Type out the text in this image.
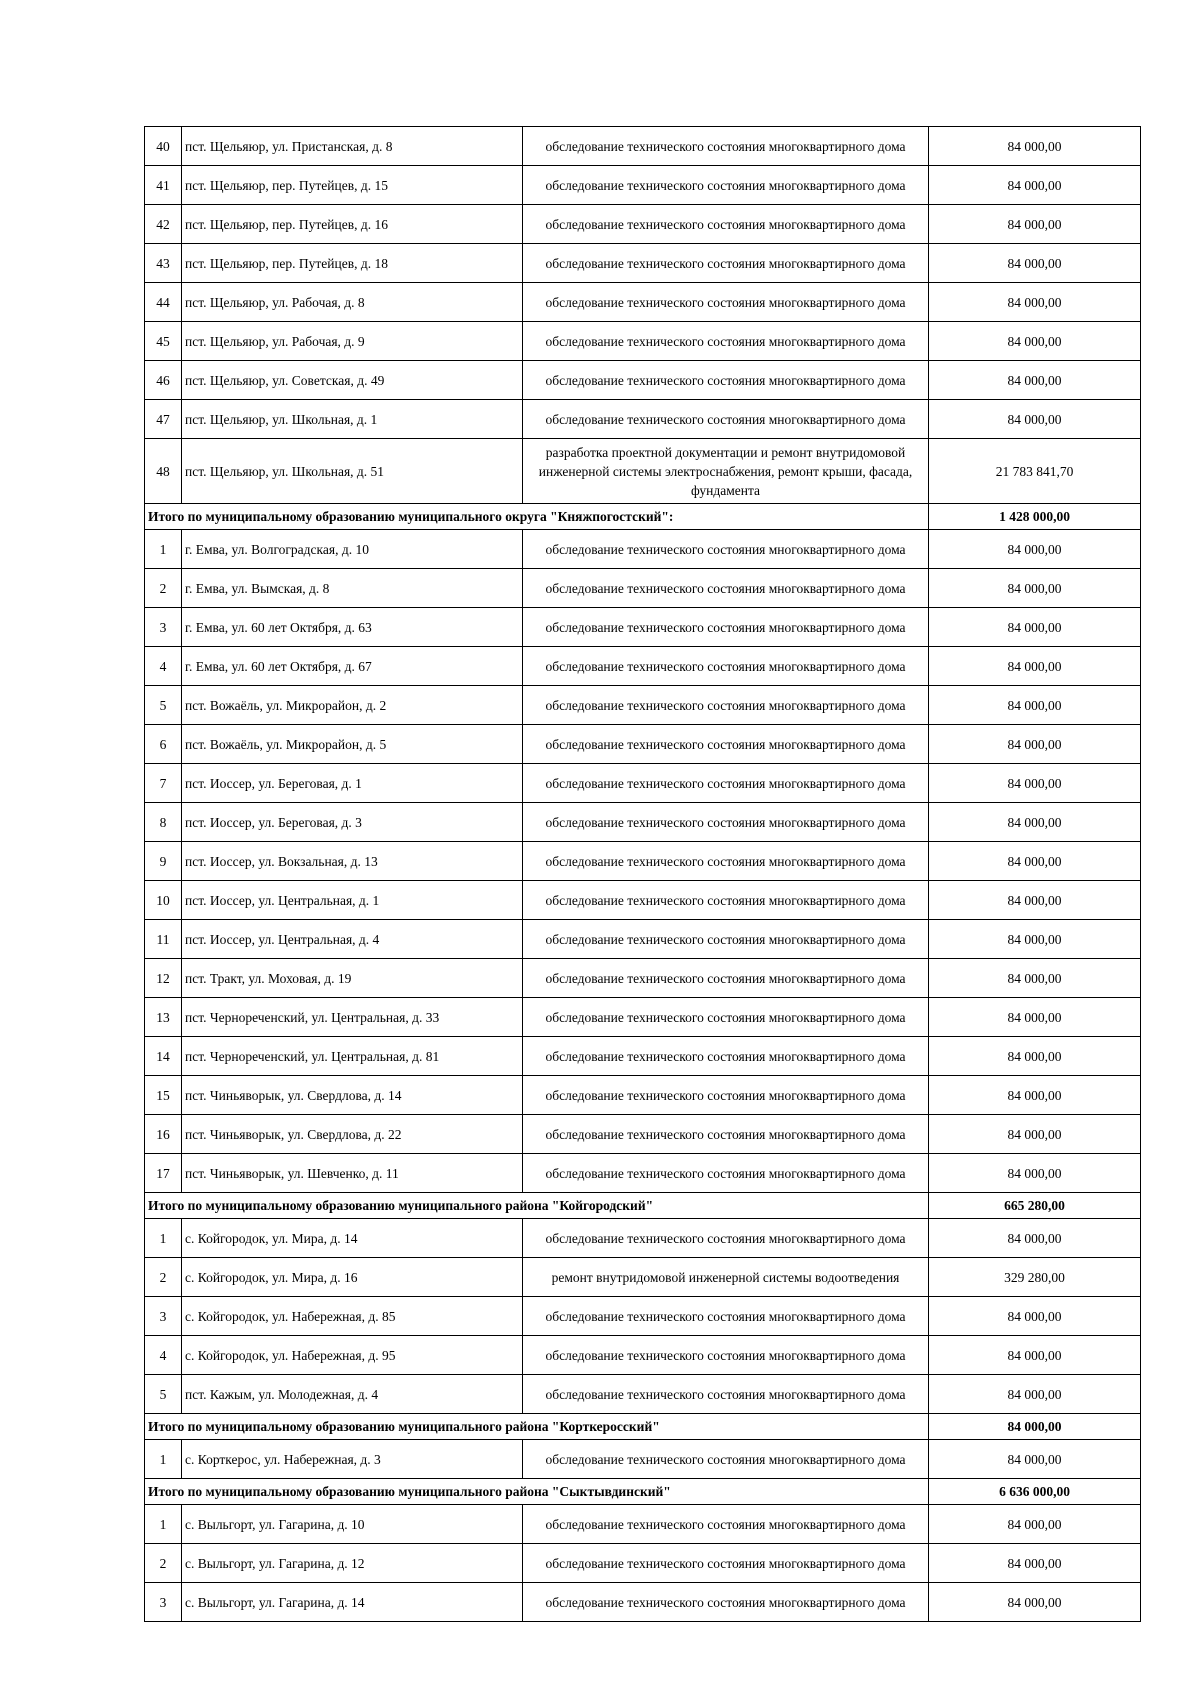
40	пст. Щельяюр, ул. Пристанская, д. 8	обследование технического состояния многоквартирного дома	84 000,00
41	пст. Щельяюр, пер. Путейцев, д. 15	обследование технического состояния многоквартирного дома	84 000,00
42	пст. Щельяюр, пер. Путейцев, д. 16	обследование технического состояния многоквартирного дома	84 000,00
43	пст. Щельяюр, пер. Путейцев, д. 18	обследование технического состояния многоквартирного дома	84 000,00
44	пст. Щельяюр, ул. Рабочая, д. 8	обследование технического состояния многоквартирного дома	84 000,00
45	пст. Щельяюр, ул. Рабочая, д. 9	обследование технического состояния многоквартирного дома	84 000,00
46	пст. Щельяюр, ул. Советская, д. 49	обследование технического состояния многоквартирного дома	84 000,00
47	пст. Щельяюр, ул. Школьная, д. 1	обследование технического состояния многоквартирного дома	84 000,00
48	пст. Щельяюр, ул. Школьная, д. 51	разработка проектной документации и ремонт внутридомовой инженерной системы электроснабжения, ремонт крыши, фасада, фундамента	21 783 841,70
Итого по муниципальному образованию муниципального округа "Княжпогостский":			1 428 000,00
1	г. Емва, ул. Волгоградская, д. 10	обследование технического состояния многоквартирного дома	84 000,00
2	г. Емва, ул. Вымская, д. 8	обследование технического состояния многоквартирного дома	84 000,00
3	г. Емва, ул. 60 лет Октября, д. 63	обследование технического состояния многоквартирного дома	84 000,00
4	г. Емва, ул. 60 лет Октября, д. 67	обследование технического состояния многоквартирного дома	84 000,00
5	пст. Вожаёль, ул. Микрорайон, д. 2	обследование технического состояния многоквартирного дома	84 000,00
6	пст. Вожаёль, ул. Микрорайон, д. 5	обследование технического состояния многоквартирного дома	84 000,00
7	пст. Иоссер, ул. Береговая, д. 1	обследование технического состояния многоквартирного дома	84 000,00
8	пст. Иоссер, ул. Береговая, д. 3	обследование технического состояния многоквартирного дома	84 000,00
9	пст. Иоссер, ул. Вокзальная, д. 13	обследование технического состояния многоквартирного дома	84 000,00
10	пст. Иоссер, ул. Центральная, д. 1	обследование технического состояния многоквартирного дома	84 000,00
11	пст. Иоссер, ул. Центральная, д. 4	обследование технического состояния многоквартирного дома	84 000,00
12	пст. Тракт, ул. Моховая, д. 19	обследование технического состояния многоквартирного дома	84 000,00
13	пст. Чернореченский, ул. Центральная, д. 33	обследование технического состояния многоквартирного дома	84 000,00
14	пст. Чернореченский, ул. Центральная, д. 81	обследование технического состояния многоквартирного дома	84 000,00
15	пст. Чиньяворык, ул. Свердлова, д. 14	обследование технического состояния многоквартирного дома	84 000,00
16	пст. Чиньяворык, ул. Свердлова, д. 22	обследование технического состояния многоквартирного дома	84 000,00
17	пст. Чиньяворык, ул. Шевченко, д. 11	обследование технического состояния многоквартирного дома	84 000,00
Итого по муниципальному образованию муниципального района "Койгородский"			665 280,00
1	с. Койгородок, ул. Мира, д. 14	обследование технического состояния многоквартирного дома	84 000,00
2	с. Койгородок, ул. Мира, д. 16	ремонт внутридомовой инженерной системы водоотведения	329 280,00
3	с. Койгородок, ул. Набережная, д. 85	обследование технического состояния многоквартирного дома	84 000,00
4	с. Койгородок, ул. Набережная, д. 95	обследование технического состояния многоквартирного дома	84 000,00
5	пст. Кажым, ул. Молодежная, д. 4	обследование технического состояния многоквартирного дома	84 000,00
Итого по муниципальному образованию муниципального района "Корткеросский"			84 000,00
1	с. Корткерос, ул. Набережная, д. 3	обследование технического состояния многоквартирного дома	84 000,00
Итого по муниципальному образованию муниципального района "Сыктывдинский"			6 636 000,00
1	с. Выльгорт, ул. Гагарина, д. 10	обследование технического состояния многоквартирного дома	84 000,00
2	с. Выльгорт, ул. Гагарина, д. 12	обследование технического состояния многоквартирного дома	84 000,00
3	с. Выльгорт, ул. Гагарина, д. 14	обследование технического состояния многоквартирного дома	84 000,00
